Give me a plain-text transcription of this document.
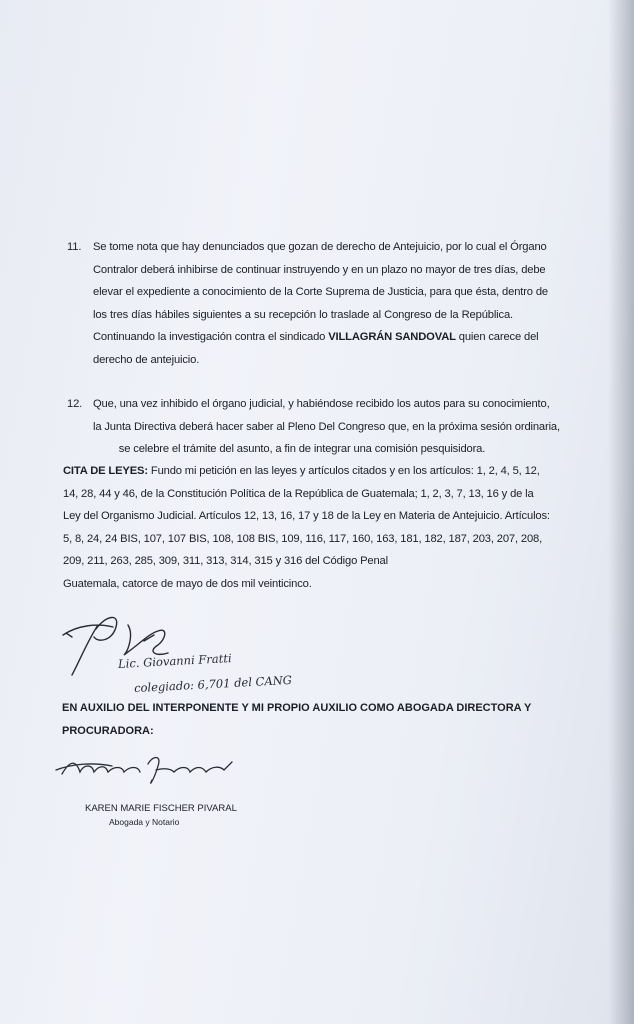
11. Se tome nota que hay denunciados que gozan de derecho de Antejuicio, por lo cual el Órgano
Contralor deberá inhibirse de continuar instruyendo y en un plazo no mayor de tres días, debe
elevar el expediente a conocimiento de la Corte Suprema de Justicia, para que ésta, dentro de
los tres días hábiles siguientes a su recepción lo traslade al Congreso de la República.
Continuando la investigación contra el sindicado VILLAGRÁN SANDOVAL quien carece del
derecho de antejuicio.
12. Que, una vez inhibido el órgano judicial, y habiéndose recibido los autos para su conocimiento,
la Junta Directiva deberá hacer saber al Pleno Del Congreso que, en la próxima sesión ordinaria,
se celebre el trámite del asunto, a fin de integrar una comisión pesquisidora.
CITA DE LEYES: Fundo mi petición en las leyes y artículos citados y en los artículos: 1, 2, 4, 5, 12,
14, 28, 44 y 46, de la Constitución Política de la República de Guatemala; 1, 2, 3, 7, 13, 16 y de la
Ley del Organismo Judicial. Artículos 12, 13, 16, 17 y 18 de la Ley en Materia de Antejuicio. Artículos:
5, 8, 24, 24 BIS, 107, 107 BIS, 108, 108 BIS, 109, 116, 117, 160, 163, 181, 182, 187, 203, 207, 208,
209, 211, 263, 285, 309, 311, 313, 314, 315 y 316 del Código Penal
Guatemala, catorce de mayo de dos mil veinticinco.
Lic. Giovanni Fratti
colegiado: 6,701 del CANG
EN AUXILIO DEL INTERPONENTE Y MI PROPIO AUXILIO COMO ABOGADA DIRECTORA Y
PROCURADORA:
KAREN MARIE FISCHER PIVARAL
Abogada y Notario
